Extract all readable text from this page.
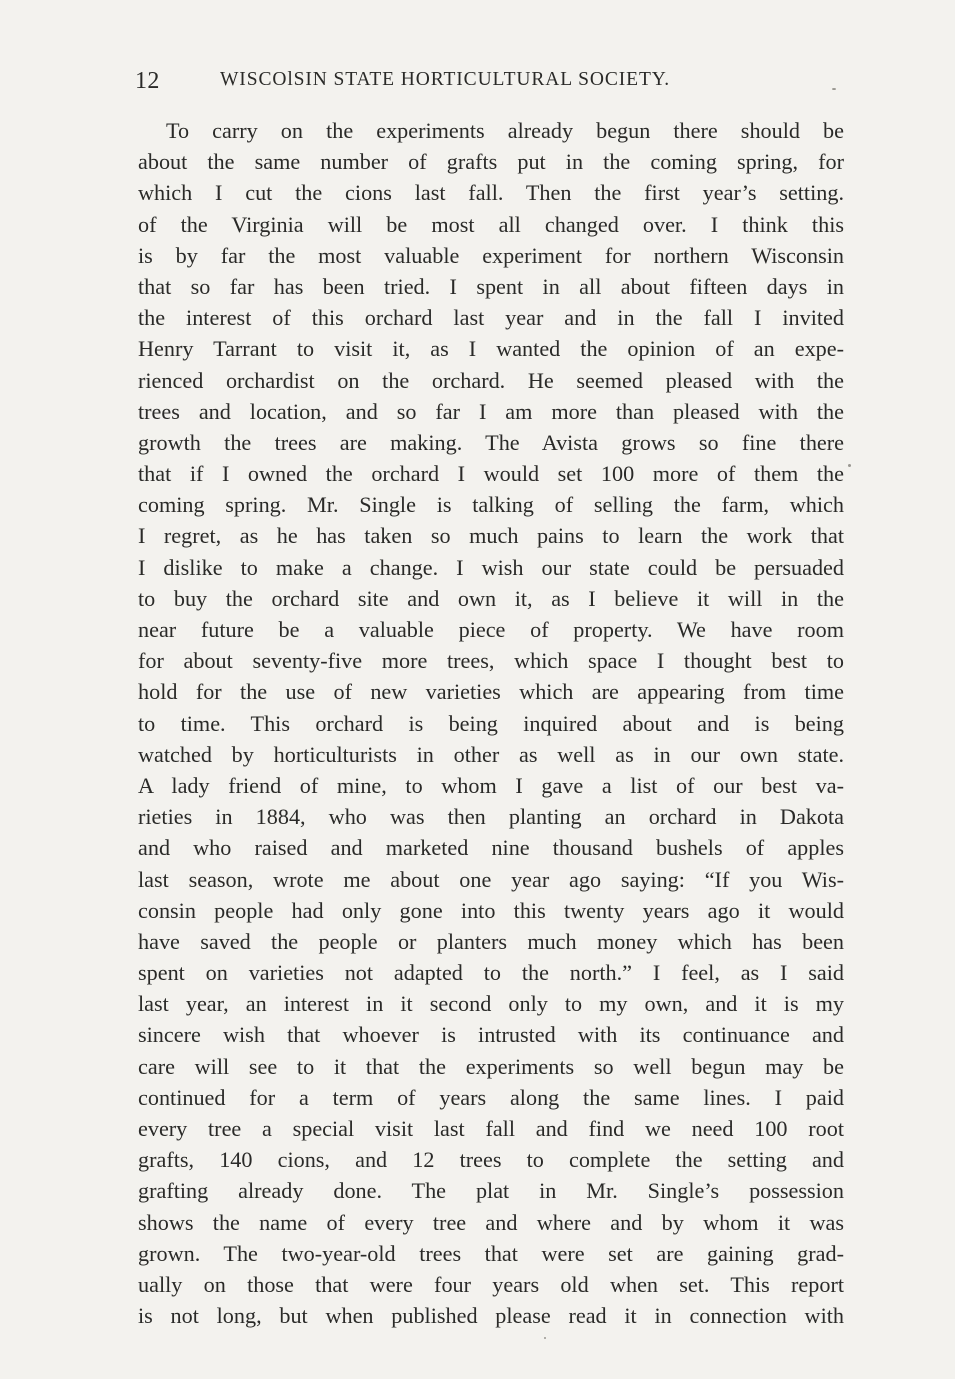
12	WISCOlSIN STATE HORTICULTURAL SOCIETY.
To carry on the experiments already begun there should be
about the same number of grafts put in the coming spring, for
which I cut the cions last fall. Then the first year’s setting.
of the Virginia will be most all changed over. I think this
is by far the most valuable experiment for northern Wisconsin
that so far has been tried. I spent in all about fifteen days in
the interest of this orchard last year and in the fall I invited
Henry Tarrant to visit it, as I wanted the opinion of an expe-
rienced orchardist on the orchard. He seemed pleased with the
trees and location, and so far I am more than pleased with the
growth the trees are making. The Avista grows so fine there
that if I owned the orchard I would set 100 more of them the
coming spring. Mr. Single is talking of selling the farm, which
I regret, as he has taken so much pains to learn the work that
I dislike to make a change. I wish our state could be persuaded
to buy the orchard site and own it, as I believe it will in the
near future be a valuable piece of property. We have room
for about seventy-five more trees, which space I thought best to
hold for the use of new varieties which are appearing from time
to time. This orchard is being inquired about and is being
watched by horticulturists in other as well as in our own state.
A lady friend of mine, to whom I gave a list of our best va-
rieties in 1884, who was then planting an orchard in Dakota
and who raised and marketed nine thousand bushels of apples
last season, wrote me about one year ago saying: “If you Wis-
consin people had only gone into this twenty years ago it would
have saved the people or planters much money which has been
spent on varieties not adapted to the north.” I feel, as I said
last year, an interest in it second only to my own, and it is my
sincere wish that whoever is intrusted with its continuance and
care will see to it that the experiments so well begun may be
continued for a term of years along the same lines. I paid
every tree a special visit last fall and find we need 100 root
grafts, 140 cions, and 12 trees to complete the setting and
grafting already done. The plat in Mr. Single’s possession
shows the name of every tree and where and by whom it was
grown. The two-year-old trees that were set are gaining grad-
ually on those that were four years old when set. This report
is not long, but when published please read it in connection with
